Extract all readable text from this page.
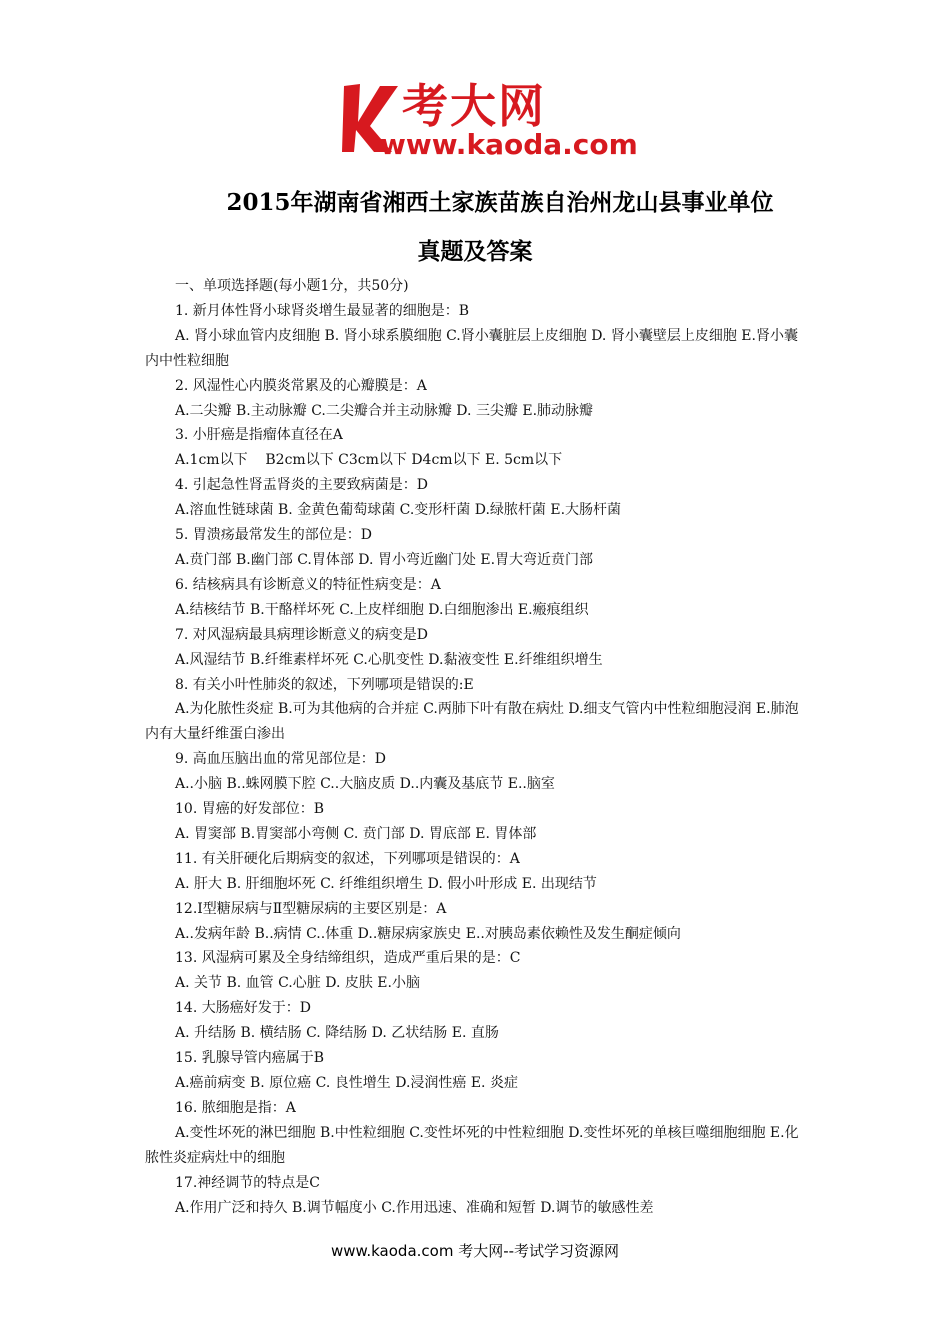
考大网
www.kaoda.com
2015年湖南省湘西土家族苗族自治州龙山县事业单位
真题及答案

一、单项选择题(每小题1分，共50分)

1. 新月体性肾小球肾炎增生最显著的细胞是：B

A. 肾小球血管内皮细胞 B. 肾小球系膜细胞 C.肾小囊脏层上皮细胞 D. 肾小囊壁层上皮细胞 E.肾小囊内中性粒细胞

2. 风湿性心内膜炎常累及的心瓣膜是：A

A.二尖瓣 B.主动脉瓣 C.二尖瓣合并主动脉瓣 D. 三尖瓣 E.肺动脉瓣

3. 小肝癌是指瘤体直径在A

A.1cm以下    B2cm以下 C3cm以下 D4cm以下 E. 5cm以下

4. 引起急性肾盂肾炎的主要致病菌是：D

A.溶血性链球菌 B. 金黄色葡萄球菌 C.变形杆菌 D.绿脓杆菌 E.大肠杆菌

5. 胃溃疡最常发生的部位是：D

A.贲门部 B.幽门部 C.胃体部 D. 胃小弯近幽门处 E.胃大弯近贲门部

6. 结核病具有诊断意义的特征性病变是：A

A.结核结节 B.干酪样坏死 C.上皮样细胞 D.白细胞渗出 E.瘢痕组织

7. 对风湿病最具病理诊断意义的病变是D

A.风湿结节 B.纤维素样坏死 C.心肌变性 D.黏液变性 E.纤维组织增生

8. 有关小叶性肺炎的叙述，下列哪项是错误的:E

A.为化脓性炎症 B.可为其他病的合并症 C.两肺下叶有散在病灶 D.细支气管内中性粒细胞浸润 E.肺泡内有大量纤维蛋白渗出

9. 高血压脑出血的常见部位是：D

A..小脑 B..蛛网膜下腔 C..大脑皮质 D..内囊及基底节 E..脑室

10. 胃癌的好发部位：B

A. 胃窦部 B.胃窦部小弯侧 C. 贲门部 D. 胃底部 E. 胃体部

11. 有关肝硬化后期病变的叙述，下列哪项是错误的：A

A. 肝大 B. 肝细胞坏死 C. 纤维组织增生 D. 假小叶形成 E. 出现结节

12.Ⅰ型糖尿病与Ⅱ型糖尿病的主要区别是：A

A..发病年龄 B..病情 C..体重 D..糖尿病家族史 E..对胰岛素依赖性及发生酮症倾向

13. 风湿病可累及全身结缔组织，造成严重后果的是：C

A. 关节 B. 血管 C.心脏 D. 皮肤 E.小脑

14. 大肠癌好发于：D

A. 升结肠 B. 横结肠 C. 降结肠 D. 乙状结肠 E. 直肠

15. 乳腺导管内癌属于B

A.癌前病变 B. 原位癌 C. 良性增生 D.浸润性癌 E. 炎症

16. 脓细胞是指：A

A.变性坏死的淋巴细胞 B.中性粒细胞 C.变性坏死的中性粒细胞 D.变性坏死的单核巨噬细胞细胞 E.化脓性炎症病灶中的细胞

17.神经调节的特点是C

A.作用广泛和持久 B.调节幅度小 C.作用迅速、准确和短暂 D.调节的敏感性差

www.kaoda.com 考大网--考试学习资源网
